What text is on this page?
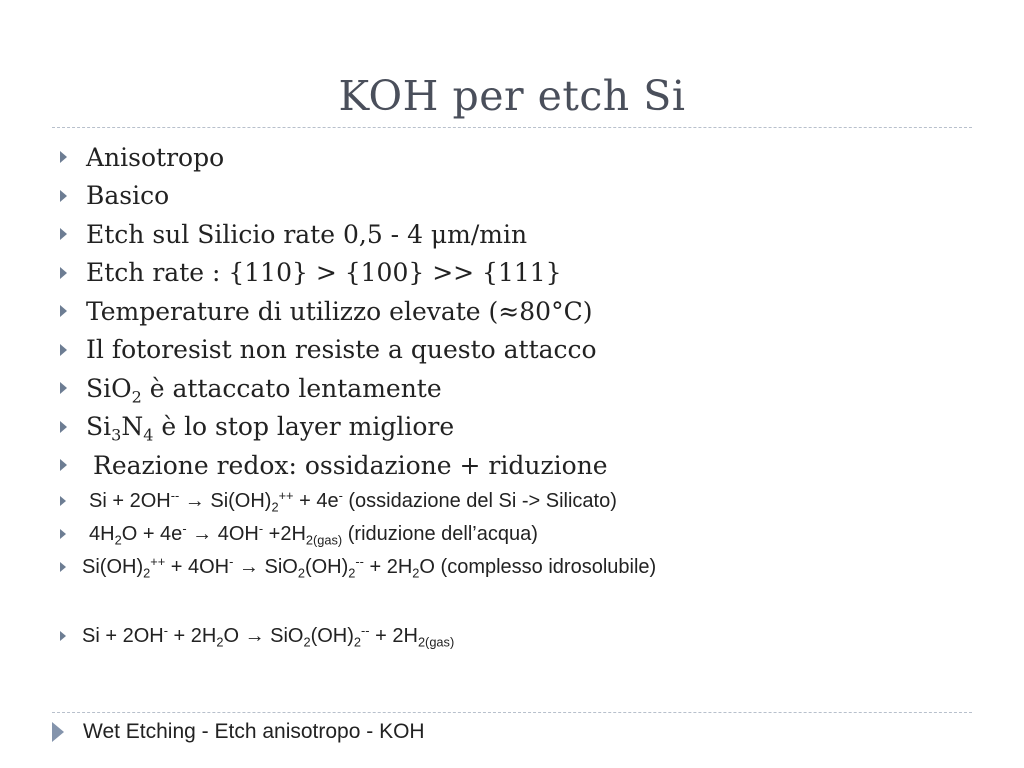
KOH per etch Si
Anisotropo
Basico
Etch sul Silicio rate 0,5 - 4 μm/min
Etch rate : {110} > {100} >> {111}
Temperature di utilizzo elevate (≈80°C)
Il fotoresist non resiste a questo attacco
SiO$_2$ è attaccato lentamente
$Si_3N_4$ è lo stop layer migliore
Reazione redox: ossidazione + riduzione
$Si + 2OH^{--} \to Si(OH)_2^{++} + 4e^-$ (ossidazione del Si -> Silicato)
$4H_2O + 4e^- \to 4OH^- +2H_{2(gas)}$ (riduzione dell’acqua)
$Si(OH)_2^{++} + 4OH^- \to SiO_2(OH)_2^{--} + 2H_2O$ (complesso idrosolubile)
$Si + 2OH^- + 2H_2O \to SiO_2(OH)_2^{--} + 2H_{2(gas)}$
Wet Etching - Etch anisotropo - KOH
